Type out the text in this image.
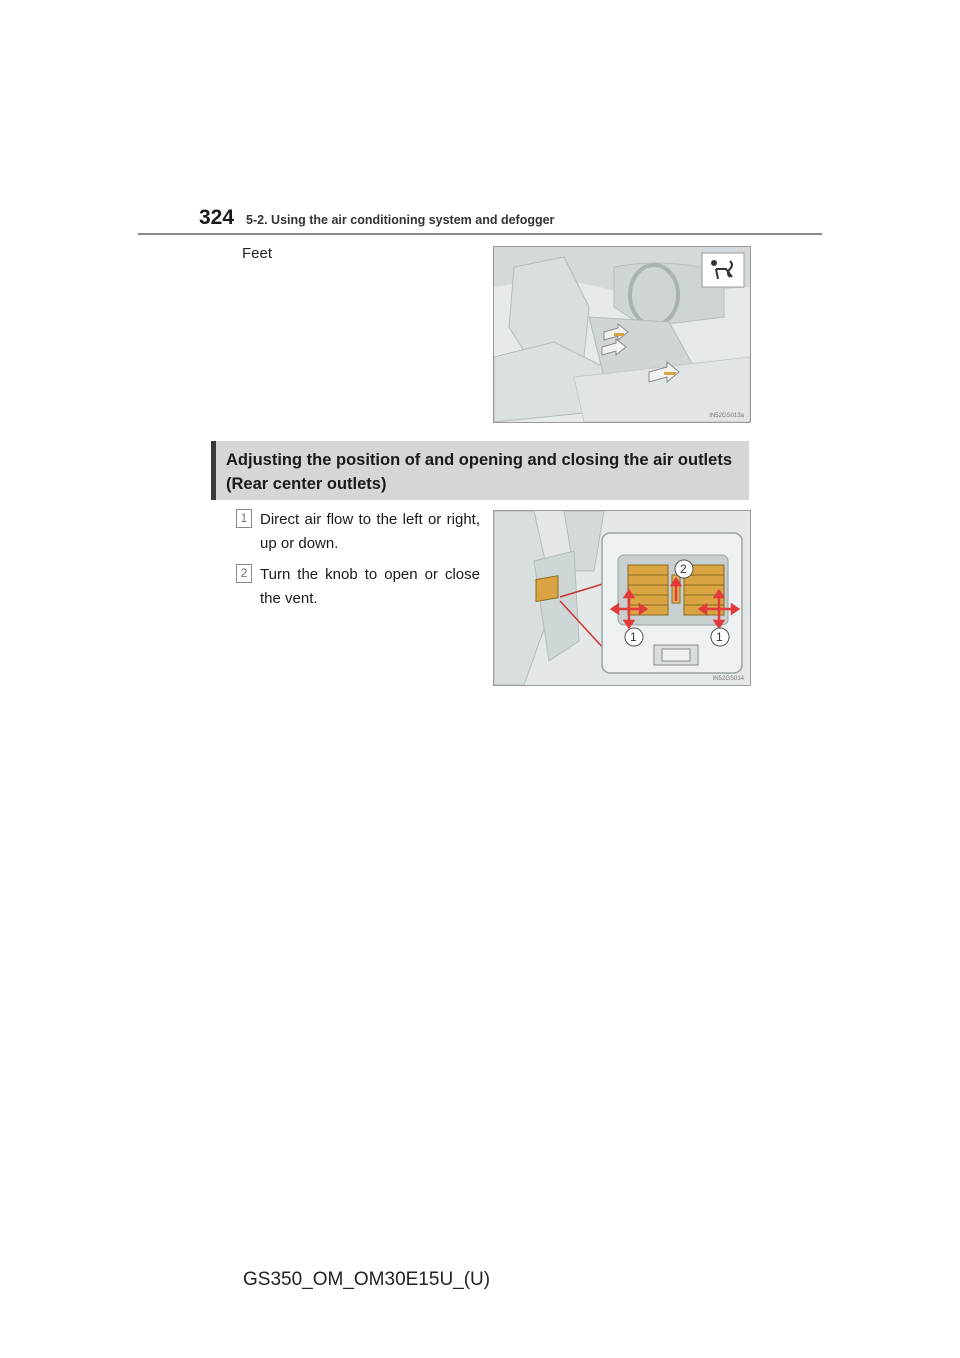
324 5-2. Using the air conditioning system and defogger
Feet
IN52GS013a
Adjusting the position of and opening and closing the air outlets
(Rear center outlets)
1 Direct air flow to the left or right, up or down.
2 Turn the knob to open or close the vent.
2
1	1
IN52GS014
GS350_OM_OM30E15U_(U)
